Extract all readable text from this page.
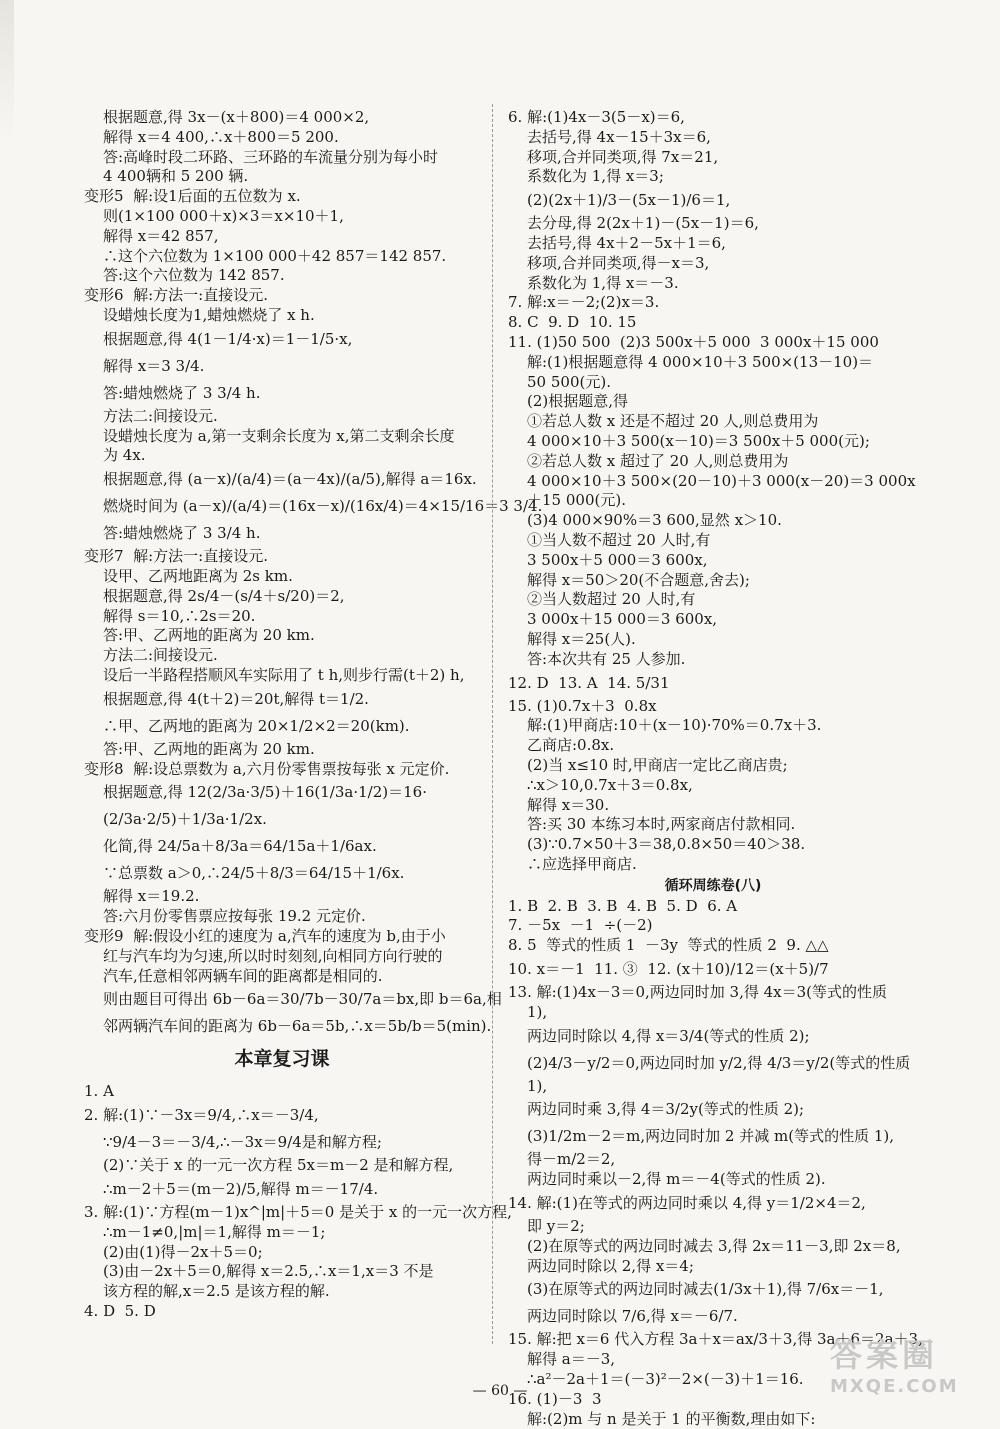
根据题意,得 3x－(x＋800)＝4 000×2,
解得 x＝4 400,∴x＋800＝5 200.
答:高峰时段二环路、三环路的车流量分别为每小时
4 400辆和 5 200 辆.
变形5  解:设1后面的五位数为 x.
则(1×100 000＋x)×3＝x×10＋1,
解得 x＝42 857,
∴这个六位数为 1×100 000＋42 857＝142 857.
答:这个六位数为 142 857.
变形6  解:方法一:直接设元.
设蜡烛长度为1,蜡烛燃烧了 x h.
根据题意,得 4(1－1/4·x)＝1－1/5·x,
解得 x＝3 3/4.
答:蜡烛燃烧了 3 3/4 h.
方法二:间接设元.
设蜡烛长度为 a,第一支剩余长度为 x,第二支剩余长度
为 4x.
根据题意,得 (a－x)/(a/4)＝(a－4x)/(a/5),解得 a＝16x.
燃烧时间为 (a－x)/(a/4)＝(16x－x)/(16x/4)＝4×15/16＝3 3/4.
答:蜡烛燃烧了 3 3/4 h.
变形7  解:方法一:直接设元.
设甲、乙两地距离为 2s km.
根据题意,得 2s/4－(s/4＋s/20)＝2,
解得 s＝10,∴2s＝20.
答:甲、乙两地的距离为 20 km.
方法二:间接设元.
设后一半路程搭顺风车实际用了 t h,则步行需(t＋2) h,
根据题意,得 4(t＋2)＝20t,解得 t＝1/2.
∴甲、乙两地的距离为 20×1/2×2＝20(km).
答:甲、乙两地的距离为 20 km.
变形8  解:设总票数为 a,六月份零售票按每张 x 元定价.
根据题意,得 12(2/3a·3/5)＋16(1/3a·1/2)＝16·
(2/3a·2/5)＋1/3a·1/2x.
化简,得 24/5a＋8/3a＝64/15a＋1/6ax.
∵总票数 a＞0,∴24/5＋8/3＝64/15＋1/6x.
解得 x＝19.2.
答:六月份零售票应按每张 19.2 元定价.
变形9  解:假设小红的速度为 a,汽车的速度为 b,由于小
红与汽车均为匀速,所以时时刻刻,向相同方向行驶的
汽车,任意相邻两辆车间的距离都是相同的.
则由题目可得出 6b－6a＝30/7b－30/7a＝bx,即 b＝6a,相
邻两辆汽车间的距离为 6b－6a＝5b,∴x＝5b/b＝5(min).
本章复习课
1. A
2. 解:(1)∵－3x＝9/4,∴x＝－3/4,
∵9/4－3＝－3/4,∴－3x＝9/4是和解方程;
(2)∵关于 x 的一元一次方程 5x＝m－2 是和解方程,
∴m－2＋5＝(m－2)/5,解得 m＝－17/4.
3. 解:(1)∵方程(m－1)x^|m|＋5＝0 是关于 x 的一元一次方程,
∴m－1≠0,|m|＝1,解得 m＝－1;
(2)由(1)得－2x＋5＝0;
(3)由－2x＋5＝0,解得 x＝2.5,∴x＝1,x＝3 不是
该方程的解,x＝2.5 是该方程的解.
4. D  5. D
6. 解:(1)4x－3(5－x)＝6,
去括号,得 4x－15＋3x＝6,
移项,合并同类项,得 7x＝21,
系数化为 1,得 x＝3;
(2)(2x＋1)/3－(5x－1)/6＝1,
去分母,得 2(2x＋1)－(5x－1)＝6,
去括号,得 4x＋2－5x＋1＝6,
移项,合并同类项,得－x＝3,
系数化为 1,得 x＝－3.
7. 解:x＝－2;(2)x＝3.
8. C  9. D  10. 15
11. (1)50 500  (2)3 500x＋5 000  3 000x＋15 000
解:(1)根据题意得 4 000×10＋3 500×(13－10)＝
50 500(元).
(2)根据题意,得
①若总人数 x 还是不超过 20 人,则总费用为
4 000×10＋3 500(x－10)＝3 500x＋5 000(元);
②若总人数 x 超过了 20 人,则总费用为
4 000×10＋3 500×(20－10)＋3 000(x－20)＝3 000x
＋15 000(元).
(3)4 000×90%＝3 600,显然 x＞10.
①当人数不超过 20 人时,有
3 500x＋5 000＝3 600x,
解得 x＝50＞20(不合题意,舍去);
②当人数超过 20 人时,有
3 000x＋15 000＝3 600x,
解得 x＝25(人).
答:本次共有 25 人参加.
12. D  13. A  14. 5/31
15. (1)0.7x＋3  0.8x
解:(1)甲商店:10＋(x－10)·70%＝0.7x＋3.
乙商店:0.8x.
(2)当 x≤10 时,甲商店一定比乙商店贵;
∴x＞10,0.7x＋3＝0.8x,
解得 x＝30.
答:买 30 本练习本时,两家商店付款相同.
(3)∵0.7×50＋3＝38,0.8×50＝40＞38.
∴应选择甲商店.
循环周练卷(八)
1. B  2. B  3. B  4. B  5. D  6. A
7. －5x  －1  ÷(－2)
8. 5  等式的性质 1  －3y  等式的性质 2  9. △△
10. x＝－1  11. ③  12. (x＋10)/12＝(x＋5)/7
13. 解:(1)4x－3＝0,两边同时加 3,得 4x＝3(等式的性质
1),
两边同时除以 4,得 x＝3/4(等式的性质 2);
(2)4/3－y/2＝0,两边同时加 y/2,得 4/3＝y/2(等式的性质
1),
两边同时乘 3,得 4＝3/2y(等式的性质 2);
(3)1/2m－2＝m,两边同时加 2 并减 m(等式的性质 1),
得－m/2＝2,
两边同时乘以－2,得 m＝－4(等式的性质 2).
14. 解:(1)在等式的两边同时乘以 4,得 y＝1/2×4＝2,
即 y＝2;
(2)在原等式的两边同时减去 3,得 2x＝11－3,即 2x＝8,
两边同时除以 2,得 x＝4;
(3)在原等式的两边同时减去(1/3x＋1),得 7/6x＝－1,
两边同时除以 7/6,得 x＝－6/7.
15. 解:把 x＝6 代入方程 3a＋x＝ax/3＋3,得 3a＋6＝2a＋3,
解得 a＝－3,
∴a²－2a＋1＝(－3)²－2×(－3)＋1＝16.
16. (1)－3  3
解:(2)m 与 n 是关于 1 的平衡数,理由如下:
— 60 —
答案圈
MXQE.COM
